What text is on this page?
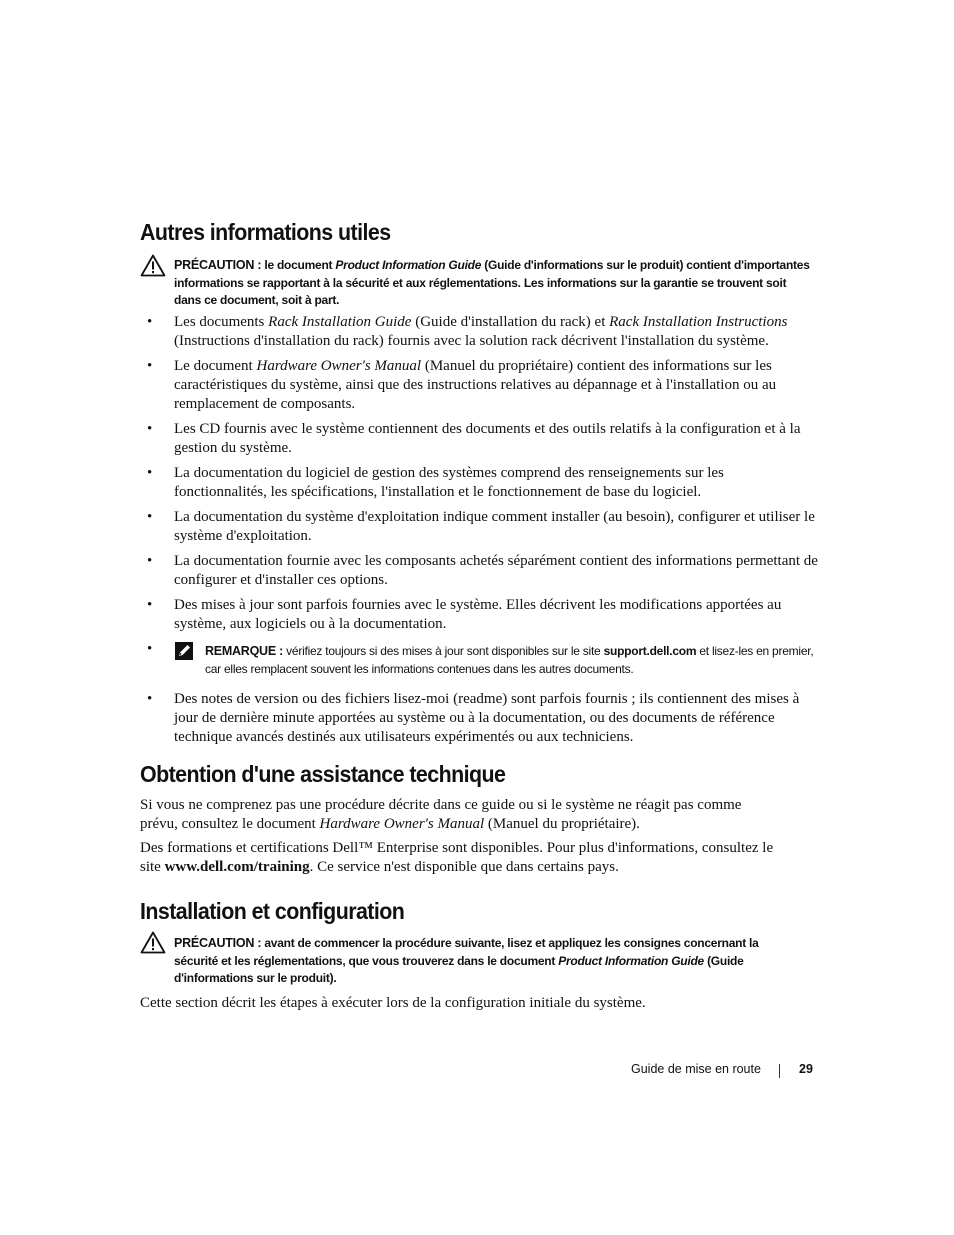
Autres informations utiles
PRÉCAUTION : le document Product Information Guide (Guide d'informations sur le produit) contient d'importantes informations se rapportant à la sécurité et aux réglementations. Les informations sur la garantie se trouvent soit dans ce document, soit à part.
• Les documents Rack Installation Guide (Guide d'installation du rack) et Rack Installation Instructions (Instructions d'installation du rack) fournis avec la solution rack décrivent l'installation du système.
• Le document Hardware Owner's Manual (Manuel du propriétaire) contient des informations sur les caractéristiques du système, ainsi que des instructions relatives au dépannage et à l'installation ou au remplacement de composants.
• Les CD fournis avec le système contiennent des documents et des outils relatifs à la configuration et à la gestion du système.
• La documentation du logiciel de gestion des systèmes comprend des renseignements sur les fonctionnalités, les spécifications, l'installation et le fonctionnement de base du logiciel.
• La documentation du système d'exploitation indique comment installer (au besoin), configurer et utiliser le système d'exploitation.
• La documentation fournie avec les composants achetés séparément contient des informations permettant de configurer et d'installer ces options.
• Des mises à jour sont parfois fournies avec le système. Elles décrivent les modifications apportées au système, aux logiciels ou à la documentation.
•
• Des notes de version ou des fichiers lisez-moi (readme) sont parfois fournis ; ils contiennent des mises à jour de dernière minute apportées au système ou à la documentation, ou des documents de référence technique avancés destinés aux utilisateurs expérimentés ou aux techniciens.
REMARQUE : vérifiez toujours si des mises à jour sont disponibles sur le site support.dell.com et lisez-les en premier, car elles remplacent souvent les informations contenues dans les autres documents.
Obtention d'une assistance technique

Si vous ne comprenez pas une procédure décrite dans ce guide ou si le système ne réagit pas comme prévu, consultez le document Hardware Owner's Manual (Manuel du propriétaire).

Des formations et certifications Dell™ Enterprise sont disponibles. Pour plus d'informations, consultez le site www.dell.com/training. Ce service n'est disponible que dans certains pays.

Installation et configuration
PRÉCAUTION : avant de commencer la procédure suivante, lisez et appliquez les consignes concernant la sécurité et les réglementations, que vous trouverez dans le document Product Information Guide (Guide d'informations sur le produit).

Cette section décrit les étapes à exécuter lors de la configuration initiale du système.

Guide de mise en route	29
